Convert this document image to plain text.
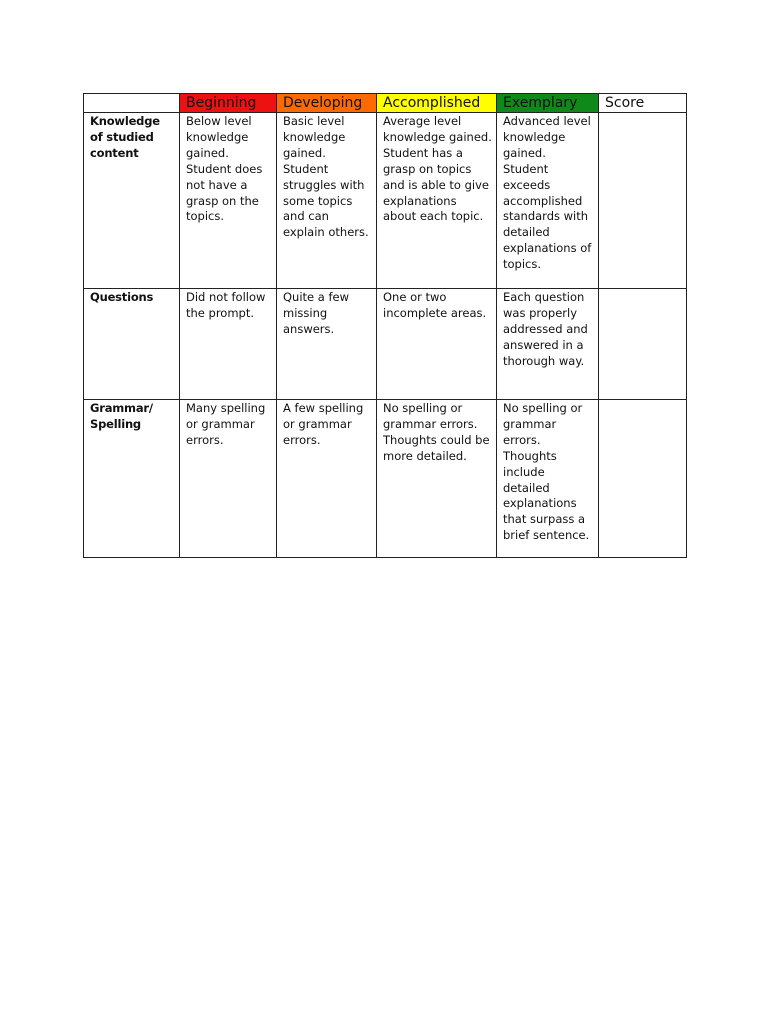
	Beginning	Developing	Accomplished	Exemplary	Score
Knowledge of studied content	Below level knowledge gained. Student does not have a grasp on the topics.	Basic level knowledge gained. Student struggles with some topics and can explain others.	Average level knowledge gained. Student has a grasp on topics and is able to give explanations about each topic.	Advanced level knowledge gained. Student exceeds accomplished standards with detailed explanations of topics.	
Questions	Did not follow the prompt.	Quite a few missing answers.	One or two incomplete areas.	Each question was properly addressed and answered in a thorough way.	
Grammar/ Spelling	Many spelling or grammar errors.	A few spelling or grammar errors.	No spelling or grammar errors. Thoughts could be more detailed.	No spelling or grammar errors. Thoughts include detailed explanations that surpass a brief sentence.	
